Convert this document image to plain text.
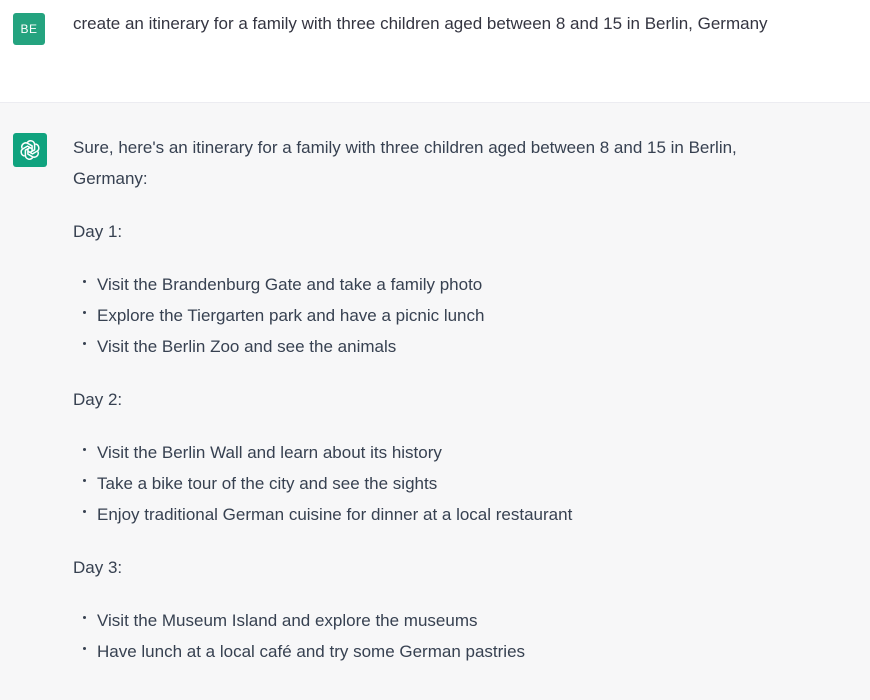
BE	create an itinerary for a family with three children aged between 8 and 15 in Berlin, Germany

Sure, here's an itinerary for a family with three children aged between 8 and 15 in Berlin, Germany:

Day 1:

Visit the Brandenburg Gate and take a family photo
Explore the Tiergarten park and have a picnic lunch
Visit the Berlin Zoo and see the animals

Day 2:

Visit the Berlin Wall and learn about its history
Take a bike tour of the city and see the sights
Enjoy traditional German cuisine for dinner at a local restaurant

Day 3:

Visit the Museum Island and explore the museums
Have lunch at a local café and try some German pastries
